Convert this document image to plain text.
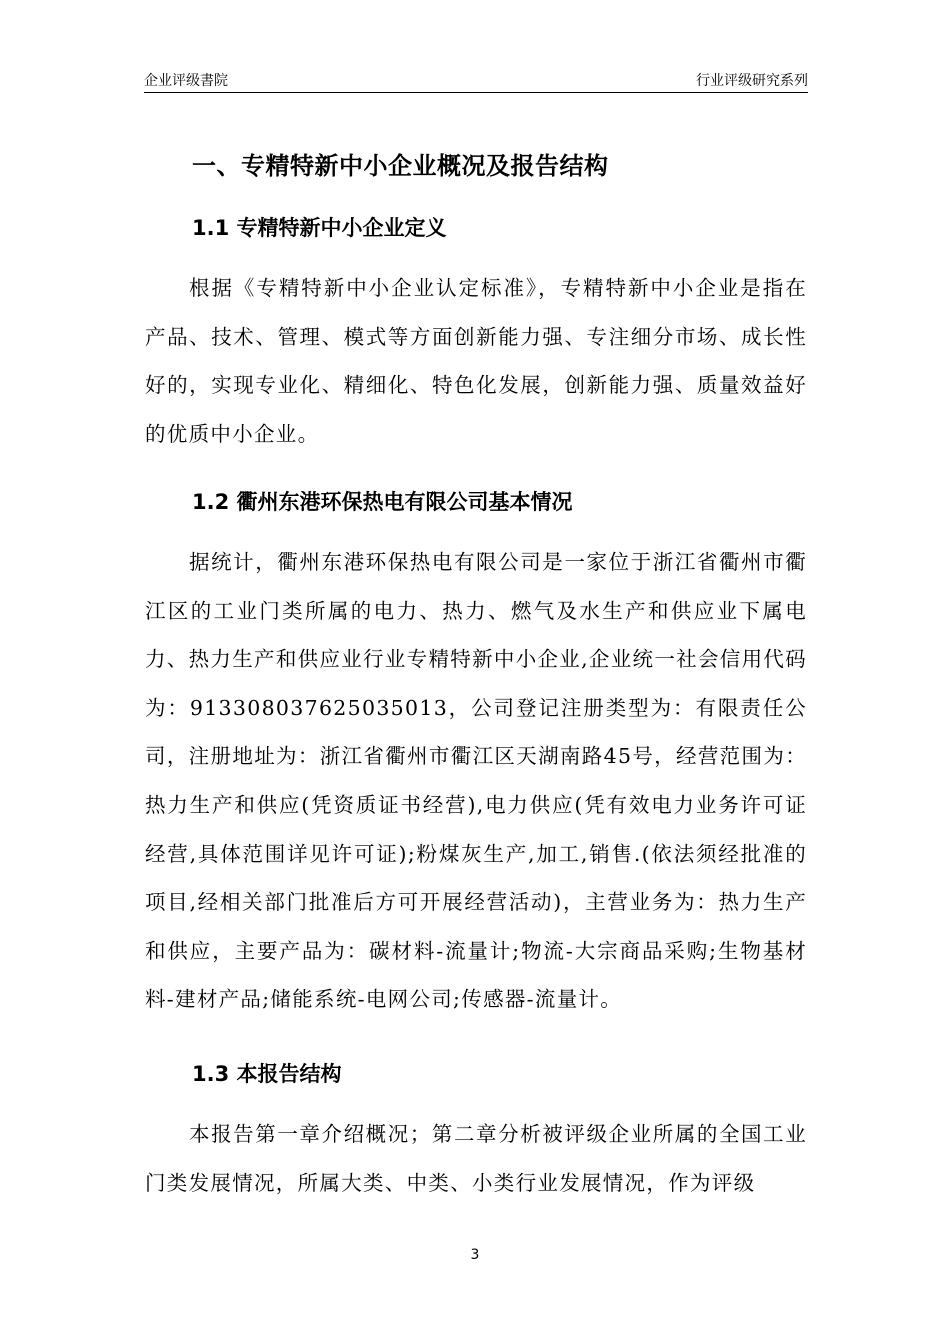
企业评级書院	行业评级研究系列
一、专精特新中小企业概况及报告结构
1.1 专精特新中小企业定义

根据《专精特新中小企业认定标准》，专精特新中小企业是指在产品、技术、管理、模式等方面创新能力强、专注细分市场、成长性好的，实现专业化、精细化、特色化发展，创新能力强、质量效益好的优质中小企业。

1.2 衢州东港环保热电有限公司基本情况

据统计，衢州东港环保热电有限公司是一家位于浙江省衢州市衢江区的工业门类所属的电力、热力、燃气及水生产和供应业下属电力、热力生产和供应业行业专精特新中小企业,企业统一社会信用代码为：913308037625035013，公司登记注册类型为：有限责任公司，注册地址为：浙江省衢州市衢江区天湖南路45号，经营范围为：热力生产和供应(凭资质证书经营),电力供应(凭有效电力业务许可证经营,具体范围详见许可证);粉煤灰生产,加工,销售.(依法须经批准的项目,经相关部门批准后方可开展经营活动)，主营业务为：热力生产和供应，主要产品为：碳材料-流量计;物流-大宗商品采购;生物基材料-建材产品;储能系统-电网公司;传感器-流量计。

1.3 本报告结构

本报告第一章介绍概况；第二章分析被评级企业所属的全国工业门类发展情况，所属大类、中类、小类行业发展情况，作为评级

3
